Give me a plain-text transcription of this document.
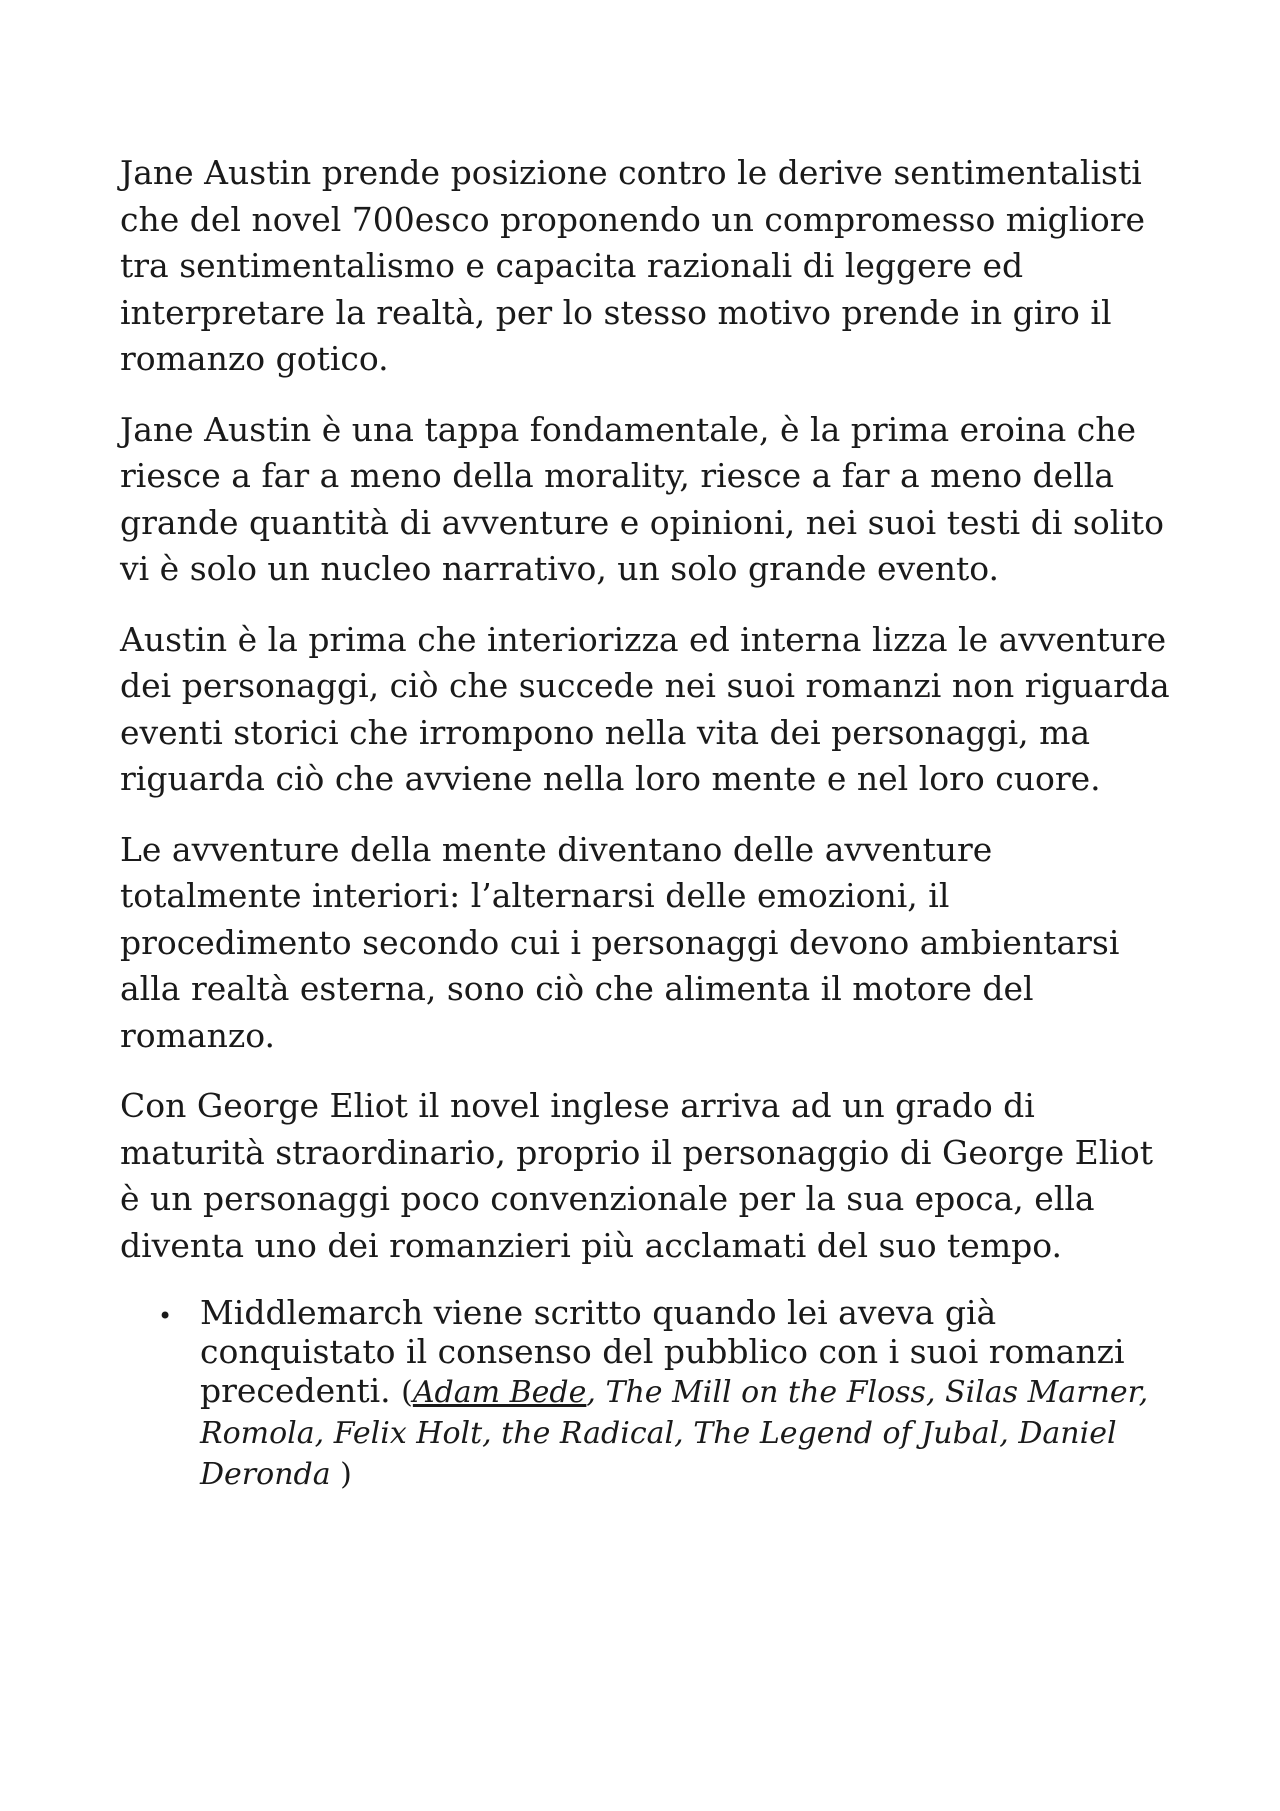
Jane Austin prende posizione contro le derive sentimentalisti che del novel 700esco proponendo un compromesso migliore tra sentimentalismo e capacita razionali di leggere ed interpretare la realtà, per lo stesso motivo prende in giro il romanzo gotico.

Jane Austin è una tappa fondamentale, è la prima eroina che riesce a far a meno della morality, riesce a far a meno della grande quantità di avventure e opinioni, nei suoi testi di solito vi è solo un nucleo narrativo, un solo grande evento.

Austin è la prima che interiorizza ed interna lizza le avventure dei personaggi, ciò che succede nei suoi romanzi non riguarda eventi storici che irrompono nella vita dei personaggi, ma riguarda ciò che avviene nella loro mente e nel loro cuore.

Le avventure della mente diventano delle avventure totalmente interiori: l’alternarsi delle emozioni, il procedimento secondo cui i personaggi devono ambientarsi alla realtà esterna, sono ciò che alimenta il motore del romanzo.

Con George Eliot il novel inglese arriva ad un grado di maturità straordinario, proprio il personaggio di George Eliot è un personaggi poco convenzionale per la sua epoca, ella diventa uno dei romanzieri più acclamati del suo tempo.

• Middlemarch viene scritto quando lei aveva già conquistato il consenso del pubblico con i suoi romanzi precedenti. (Adam Bede, The Mill on the Floss, Silas Marner, Romola, Felix Holt, the Radical, The Legend of Jubal, Daniel Deronda )
